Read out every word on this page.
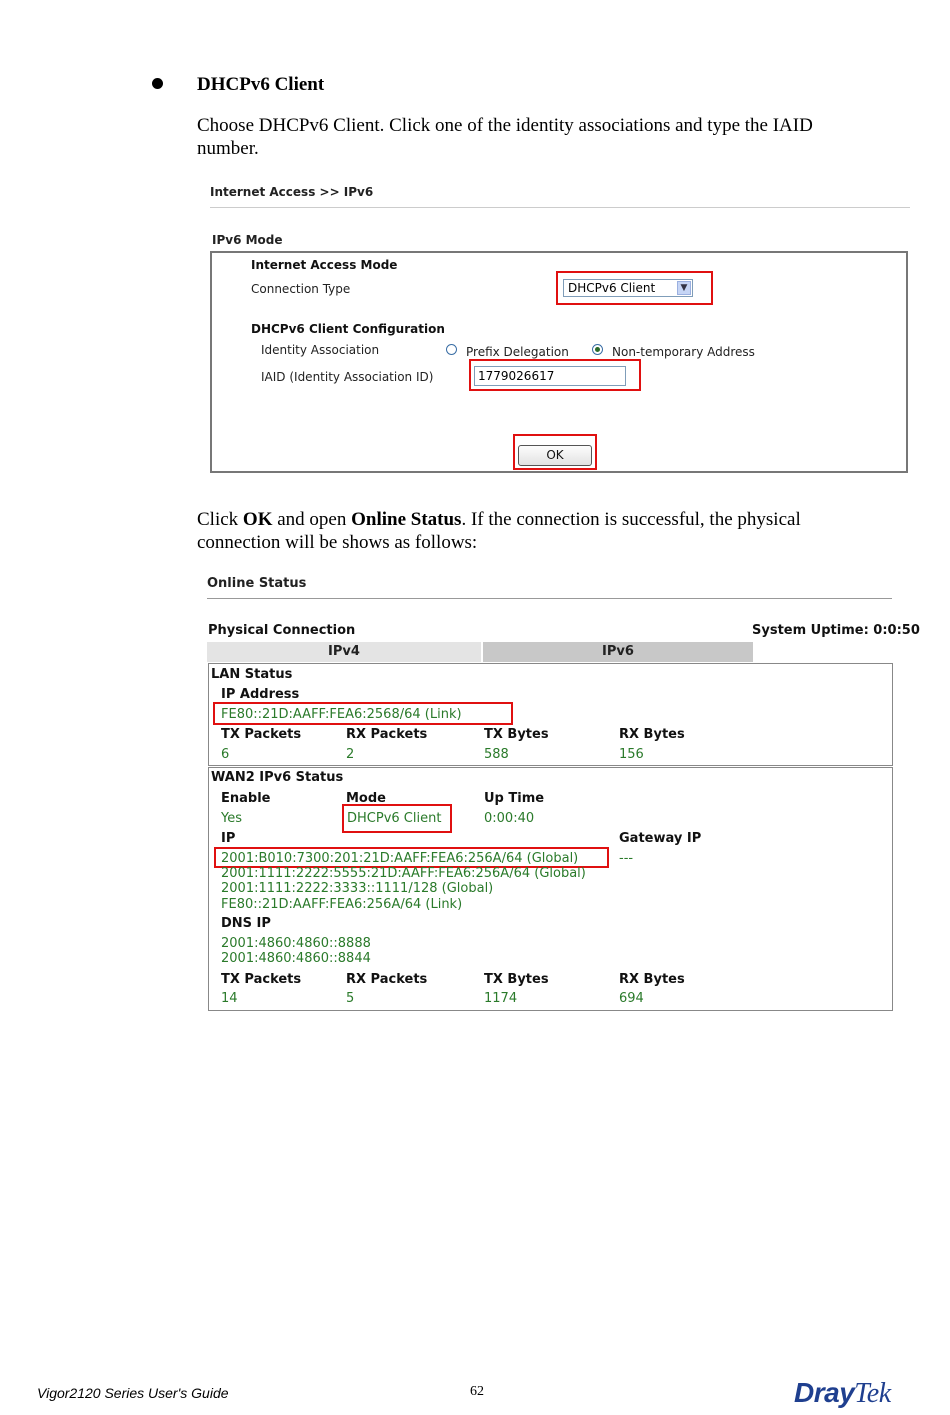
DHCPv6 Client
Choose DHCPv6 Client. Click one of the identity associations and type the IAID number.
Internet Access >> IPv6
IPv6 Mode
Internet Access Mode
Connection Type	DHCPv6 Client	▼
DHCPv6 Client Configuration
Identity Association	Prefix Delegation	Non-temporary Address
IAID (Identity Association ID)	1779026617
OK
Click OK and open Online Status. If the connection is successful, the physical connection will be shows as follows:
Online Status
Physical Connection	System Uptime: 0:0:50
IPv4	IPv6
LAN Status
IP Address
FE80::21D:AAFF:FEA6:2568/64 (Link)
TX Packets	RX Packets	TX Bytes	RX Bytes
6	2	588	156
WAN2 IPv6 Status
Enable	Mode	Up Time
Yes	DHCPv6 Client	0:00:40
IP	Gateway IP
2001:B010:7300:201:21D:AAFF:FEA6:256A/64 (Global)	---
2001:1111:2222:5555:21D:AAFF:FEA6:256A/64 (Global)
2001:1111:2222:3333::1111/128 (Global)
FE80::21D:AAFF:FEA6:256A/64 (Link)
DNS IP
2001:4860:4860::8888
2001:4860:4860::8844
TX Packets	RX Packets	TX Bytes	RX Bytes
14	5	1174	694
Vigor2120 Series User's Guide	62	DrayTek
